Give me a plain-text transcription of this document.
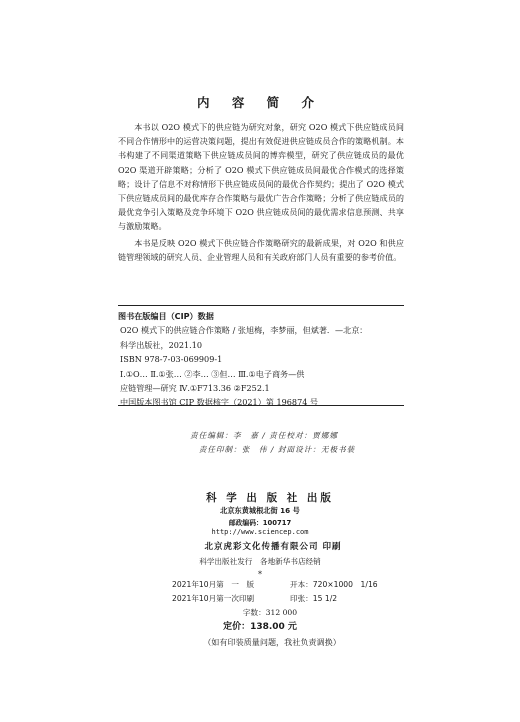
内 容 简 介

本书以 O2O 模式下的供应链为研究对象，研究 O2O 模式下供应链成员间不同合作情形中的运营决策问题，提出有效促进供应链成员合作的策略机制。本书构建了不同渠道策略下供应链成员间的博弈模型，研究了供应链成员的最优 O2O 渠道开辟策略；分析了 O2O 模式下供应链成员间最优合作模式的选择策略；设计了信息不对称情形下供应链成员间的最优合作契约；提出了 O2O 模式下供应链成员间的最优库存合作策略与最优广告合作策略；分析了供应链成员的最优竞争引入策略及竞争环境下 O2O 供应链成员间的最优需求信息预测、共享与激励策略。

本书是反映 O2O 模式下供应链合作策略研究的最新成果，对 O2O 和供应链管理领域的研究人员、企业管理人员和有关政府部门人员有重要的参考价值。

图书在版编目（CIP）数据
O2O 模式下的供应链合作策略 / 张旭梅，李梦丽，但斌著．—北京：
科学出版社，2021.10
ISBN 978-7-03-069909-1
Ⅰ.①O… Ⅱ.①张… ②李… ③但… Ⅲ.①电子商务—供
应链管理—研究 Ⅳ.①F713.36 ②F252.1
中国版本图书馆 CIP 数据核字（2021）第 196874 号
责任编辑：李　嘉 / 责任校对：贾娜娜
责任印制：张　伟 / 封面设计：无极书装
科 学 出 版 社 出版
北京东黄城根北街 16 号
邮政编码：100717
http://www.sciencep.com
北京虎彩文化传播有限公司 印刷
科学出版社发行　各地新华书店经销
*
2021年10月第　一　版	开本：720×1000　1/16
2021年10月第一次印刷	印张：15 1/2
字数：312 000
定价：138.00 元
（如有印装质量问题，我社负责调换）
